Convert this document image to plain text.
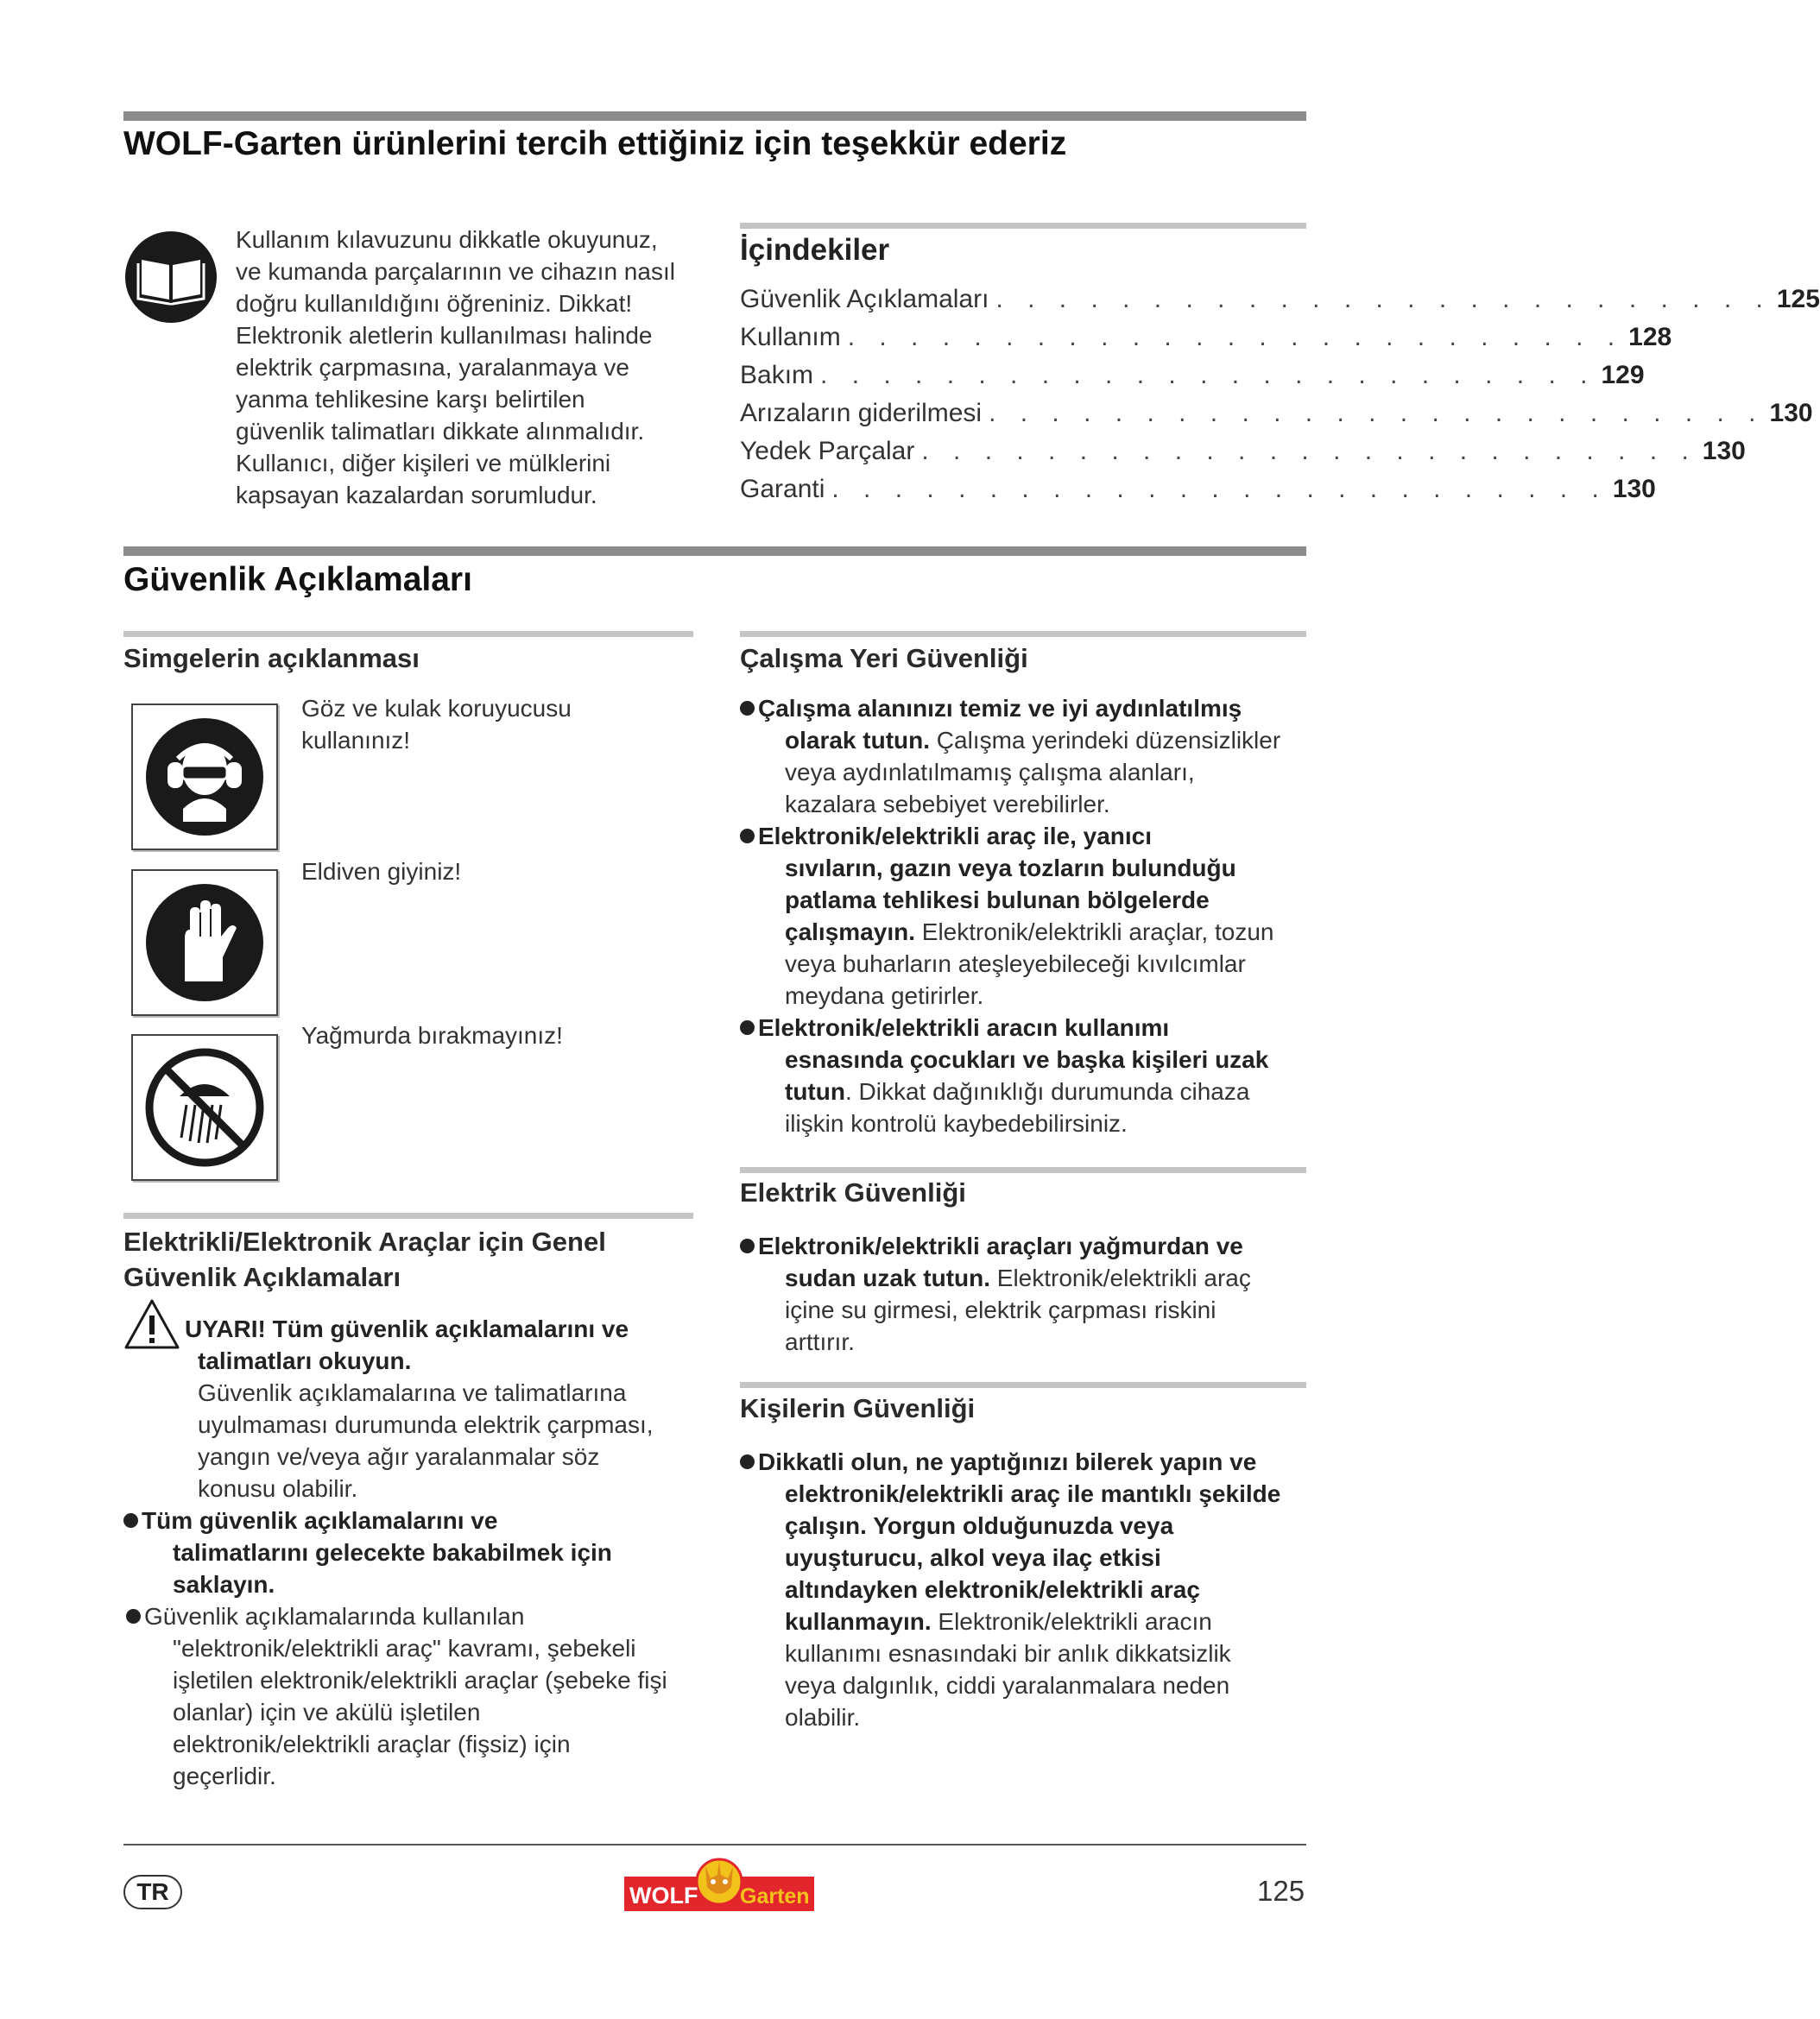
WOLF-Garten ürünlerini tercih ettiğiniz için teşekkür ederiz
Kullanım kılavuzunu dikkatle okuyunuz,
ve kumanda parçalarının ve cihazın nasıl
doğru kullanıldığını öğreniniz. Dikkat!
Elektronik aletlerin kullanılması halinde
elektrik çarpmasına, yaralanmaya ve
yanma tehlikesine karşı belirtilen
güvenlik talimatları dikkate alınmalıdır.
Kullanıcı, diğer kişileri ve mülklerini
kapsayan kazalardan sorumludur.
İçindekiler
Güvenlik Açıklamaları . . . . . . . . . . . . . . . . . . . . . . . . . 125
Kullanım . . . . . . . . . . . . . . . . . . . . . . . . . 128
Bakım . . . . . . . . . . . . . . . . . . . . . . . . . 129
Arızaların giderilmesi . . . . . . . . . . . . . . . . . . . . . . . . . 130
Yedek Parçalar . . . . . . . . . . . . . . . . . . . . . . . . . 130
Garanti . . . . . . . . . . . . . . . . . . . . . . . . . 130
Güvenlik Açıklamaları
Simgelerin açıklanması
Göz ve kulak koruyucusu
kullanınız!
Eldiven giyiniz!
Yağmurda bırakmayınız!
Elektrikli/Elektronik Araçlar için Genel
Güvenlik Açıklamaları
UYARI! Tüm güvenlik açıklamalarını ve
talimatları okuyun.
Güvenlik açıklamalarına ve talimatlarına
uyulmaması durumunda elektrik çarpması,
yangın ve/veya ağır yaralanmalar söz
konusu olabilir.
Tüm güvenlik açıklamalarını ve
talimatlarını gelecekte bakabilmek için
saklayın.
Güvenlik açıklamalarında kullanılan
"elektronik/elektrikli araç" kavramı, şebekeli
işletilen elektronik/elektrikli araçlar (şebeke fişi
olanlar) için ve akülü işletilen
elektronik/elektrikli araçlar (fişsiz) için
geçerlidir.
Çalışma Yeri Güvenliği
Çalışma alanınızı temiz ve iyi aydınlatılmış
olarak tutun. Çalışma yerindeki düzensizlikler
veya aydınlatılmamış çalışma alanları,
kazalara sebebiyet verebilirler.
Elektronik/elektrikli araç ile, yanıcı
sıvıların, gazın veya tozların bulunduğu
patlama tehlikesi bulunan bölgelerde
çalışmayın. Elektronik/elektrikli araçlar, tozun
veya buharların ateşleyebileceği kıvılcımlar
meydana getirirler.
Elektronik/elektrikli aracın kullanımı
esnasında çocukları ve başka kişileri uzak
tutun. Dikkat dağınıklığı durumunda cihaza
ilişkin kontrolü kaybedebilirsiniz.
Elektrik Güvenliği
Elektronik/elektrikli araçları yağmurdan ve
sudan uzak tutun. Elektronik/elektrikli araç
içine su girmesi, elektrik çarpması riskini
arttırır.
Kişilerin Güvenliği
Dikkatli olun, ne yaptığınızı bilerek yapın ve
elektronik/elektrikli araç ile mantıklı şekilde
çalışın. Yorgun olduğunuzda veya
uyuşturucu, alkol veya ilaç etkisi
altındayken elektronik/elektrikli araç
kullanmayın. Elektronik/elektrikli aracın
kullanımı esnasındaki bir anlık dikkatsizlik
veya dalgınlık, ciddi yaralanmalara neden
olabilir.
TR	WOLF Garten	125
